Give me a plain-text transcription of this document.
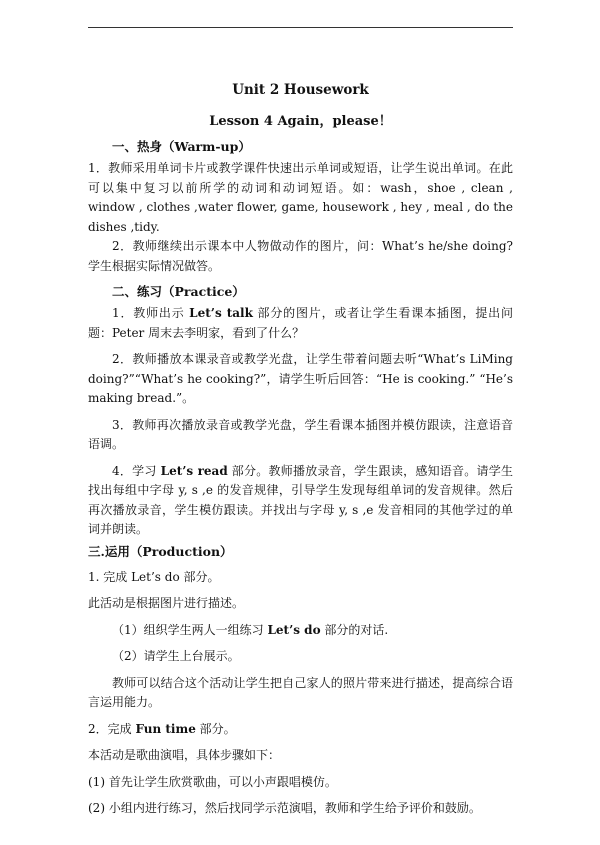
Unit 2 Housework
Lesson 4 Again，please！
一、热身（Warm-up）

1．教师采用单词卡片或教学课件快速出示单词或短语，让学生说出单词。在此可以集中复习以前所学的动词和动词短语。如：wash，shoe , clean , window , clothes ,water flower, game, housework , hey , meal , do the dishes ,tidy.

2．教师继续出示课本中人物做动作的图片，问：What’s he/she doing? 学生根据实际情况做答。

二、练习（Practice）

1．教师出示 Let’s talk 部分的图片，或者让学生看课本插图，提出问题：Peter 周末去李明家，看到了什么？

2．教师播放本课录音或教学光盘，让学生带着问题去听“What’s LiMing doing?”“What’s he cooking?”，请学生听后回答：“He is cooking.” “He’s making bread.”。

3．教师再次播放录音或教学光盘，学生看课本插图并模仿跟读，注意语音语调。

4．学习 Let’s read 部分。教师播放录音，学生跟读，感知语音。请学生找出每组中字母 y, s ,e 的发音规律，引导学生发现每组单词的发音规律。然后再次播放录音，学生模仿跟读。并找出与字母 y, s ,e 发音相同的其他学过的单词并朗读。

三.运用（Production）

1. 完成 Let’s do 部分。

此活动是根据图片进行描述。

（1）组织学生两人一组练习 Let’s do 部分的对话.

（2）请学生上台展示。

教师可以结合这个活动让学生把自己家人的照片带来进行描述，提高综合语言运用能力。

2．完成 Fun time 部分。

本活动是歌曲演唱，具体步骤如下：

(1) 首先让学生欣赏歌曲，可以小声跟唱模仿。

(2) 小组内进行练习，然后找同学示范演唱，教师和学生给予评价和鼓励。
